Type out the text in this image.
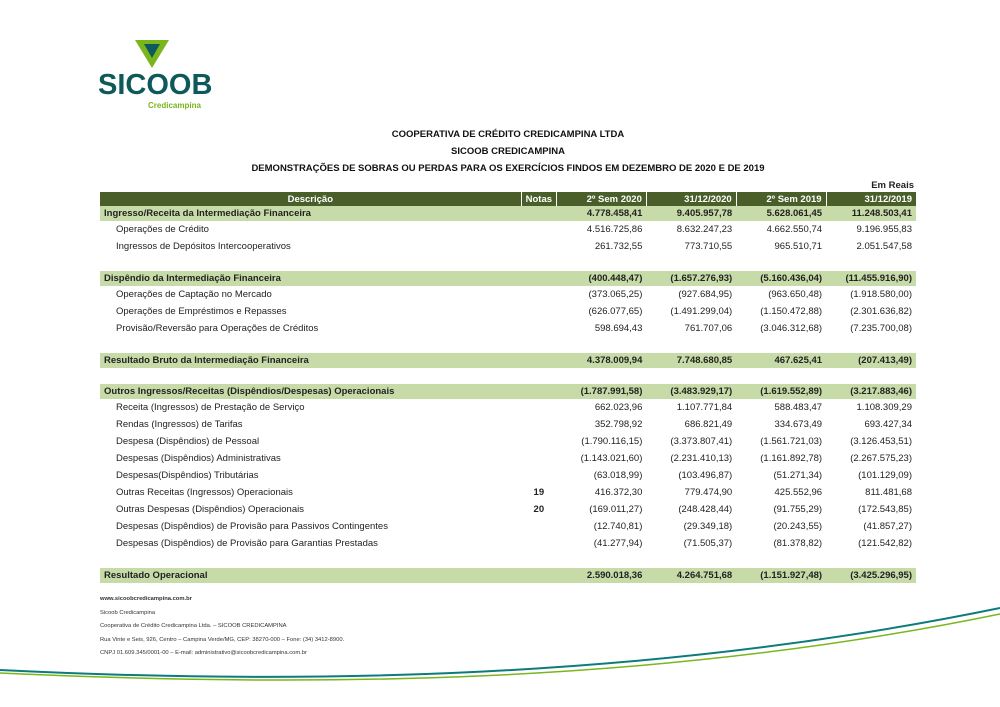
SICOOB
Credicampina
COOPERATIVA DE CRÉDITO CREDICAMPINA LTDA
SICOOB CREDICAMPINA
DEMONSTRAÇÕES DE SOBRAS OU PERDAS PARA OS EXERCÍCIOS FINDOS EM DEZEMBRO DE 2020 E DE 2019
Em Reais
Descrição	Notas	2º Sem 2020	31/12/2020	2º Sem 2019	31/12/2019
Ingresso/Receita da Intermediação Financeira		4.778.458,41	9.405.957,78	5.628.061,45	11.248.503,41
Operações de Crédito		4.516.725,86	8.632.247,23	4.662.550,74	9.196.955,83
Ingressos de Depósitos Intercooperativos		261.732,55	773.710,55	965.510,71	2.051.547,58

Dispêndio da Intermediação Financeira		(400.448,47)	(1.657.276,93)	(5.160.436,04)	(11.455.916,90)
Operações de Captação no Mercado		(373.065,25)	(927.684,95)	(963.650,48)	(1.918.580,00)
Operações de Empréstimos e Repasses		(626.077,65)	(1.491.299,04)	(1.150.472,88)	(2.301.636,82)
Provisão/Reversão para Operações de Créditos		598.694,43	761.707,06	(3.046.312,68)	(7.235.700,08)

Resultado Bruto da Intermediação Financeira		4.378.009,94	7.748.680,85	467.625,41	(207.413,49)

Outros Ingressos/Receitas (Dispêndios/Despesas) Operacionais		(1.787.991,58)	(3.483.929,17)	(1.619.552,89)	(3.217.883,46)
Receita (Ingressos) de Prestação de Serviço		662.023,96	1.107.771,84	588.483,47	1.108.309,29
Rendas (Ingressos) de Tarifas		352.798,92	686.821,49	334.673,49	693.427,34
Despesa (Dispêndios) de Pessoal		(1.790.116,15)	(3.373.807,41)	(1.561.721,03)	(3.126.453,51)
Despesas (Dispêndios) Administrativas		(1.143.021,60)	(2.231.410,13)	(1.161.892,78)	(2.267.575,23)
Despesas(Dispêndios) Tributárias		(63.018,99)	(103.496,87)	(51.271,34)	(101.129,09)
Outras Receitas (Ingressos) Operacionais	19	416.372,30	779.474,90	425.552,96	811.481,68
Outras Despesas (Dispêndios) Operacionais	20	(169.011,27)	(248.428,44)	(91.755,29)	(172.543,85)
Despesas (Dispêndios) de Provisão para Passivos Contingentes		(12.740,81)	(29.349,18)	(20.243,55)	(41.857,27)
Despesas (Dispêndios) de Provisão para Garantias Prestadas		(41.277,94)	(71.505,37)	(81.378,82)	(121.542,82)

Resultado Operacional		2.590.018,36	4.264.751,68	(1.151.927,48)	(3.425.296,95)
www.sicoobcredicampina.com.br
Sicoob Credicampina
Cooperativa de Crédito Credicampina Ltda. – SICOOB CREDICAMPINA
Rua Vinte e Seis, 926, Centro – Campina Verde/MG, CEP: 38270-000 – Fone: (34) 3412-8900.
CNPJ 01.609.345/0001-00 – E-mail: administrativo@sicoobcredicampina.com.br
